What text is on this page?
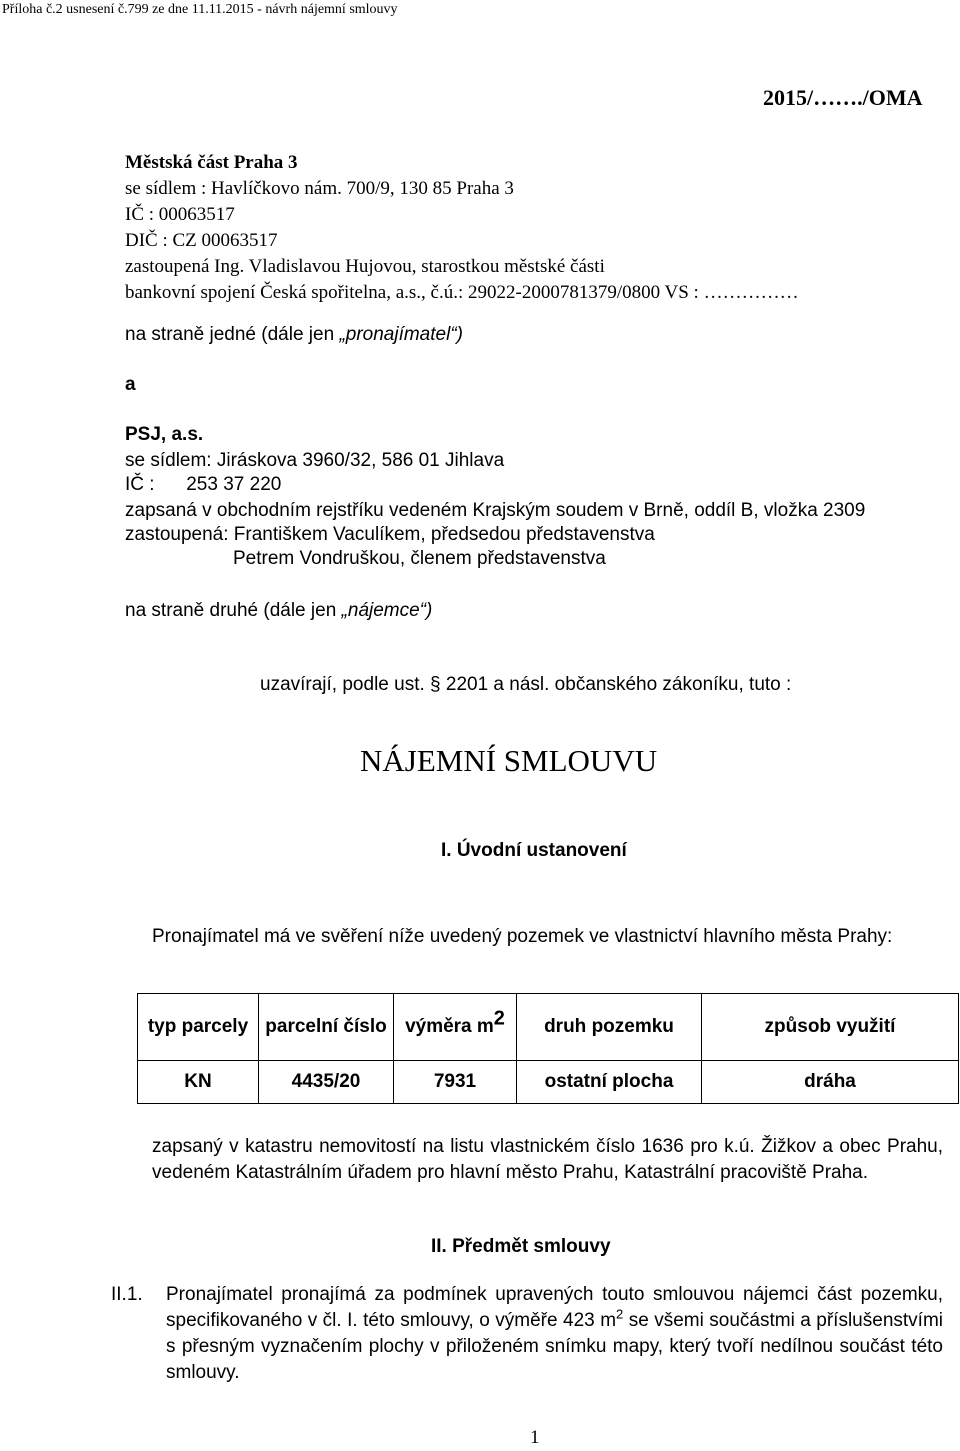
Příloha č.2 usnesení č.799 ze dne 11.11.2015 - návrh nájemní smlouvy
2015/……./OMA
Městská část Praha 3
se sídlem : Havlíčkovo nám. 700/9, 130 85 Praha 3
IČ : 00063517
DIČ : CZ 00063517
zastoupená Ing. Vladislavou Hujovou, starostkou městské části
bankovní spojení Česká spořitelna, a.s., č.ú.: 29022-2000781379/0800 VS : ……………
na straně jedné (dále jen „pronajímatel“)
a
PSJ, a.s.
se sídlem: Jiráskova 3960/32, 586 01 Jihlava
IČ :      253 37 220
zapsaná v obchodním rejstříku vedeném Krajským soudem v Brně, oddíl B, vložka 2309
zastoupená: Františkem Vaculíkem, předsedou představenstva
Petrem Vondruškou, členem představenstva
na straně druhé (dále jen „nájemce“)
uzavírají, podle ust. § 2201 a násl. občanského zákoníku, tuto :
NÁJEMNÍ SMLOUVU
I. Úvodní ustanovení
Pronajímatel má ve svěření níže uvedený pozemek ve vlastnictví hlavního města Prahy:
typ parcely	parcelní číslo	výměra m2	druh pozemku	způsob využití
KN	4435/20	7931	ostatní plocha	dráha
zapsaný v katastru nemovitostí na listu vlastnickém číslo 1636 pro k.ú. Žižkov a obec Prahu, vedeném Katastrálním úřadem pro hlavní město Prahu, Katastrální pracoviště Praha.
II. Předmět smlouvy
II.1. Pronajímatel pronajímá za podmínek upravených touto smlouvou nájemci část pozemku, specifikovaného v čl. I. této smlouvy, o výměře 423 $m^2$ se všemi součástmi a příslušenstvími s přesným vyznačením plochy v přiloženém snímku mapy, který tvoří nedílnou součást této smlouvy.
1
